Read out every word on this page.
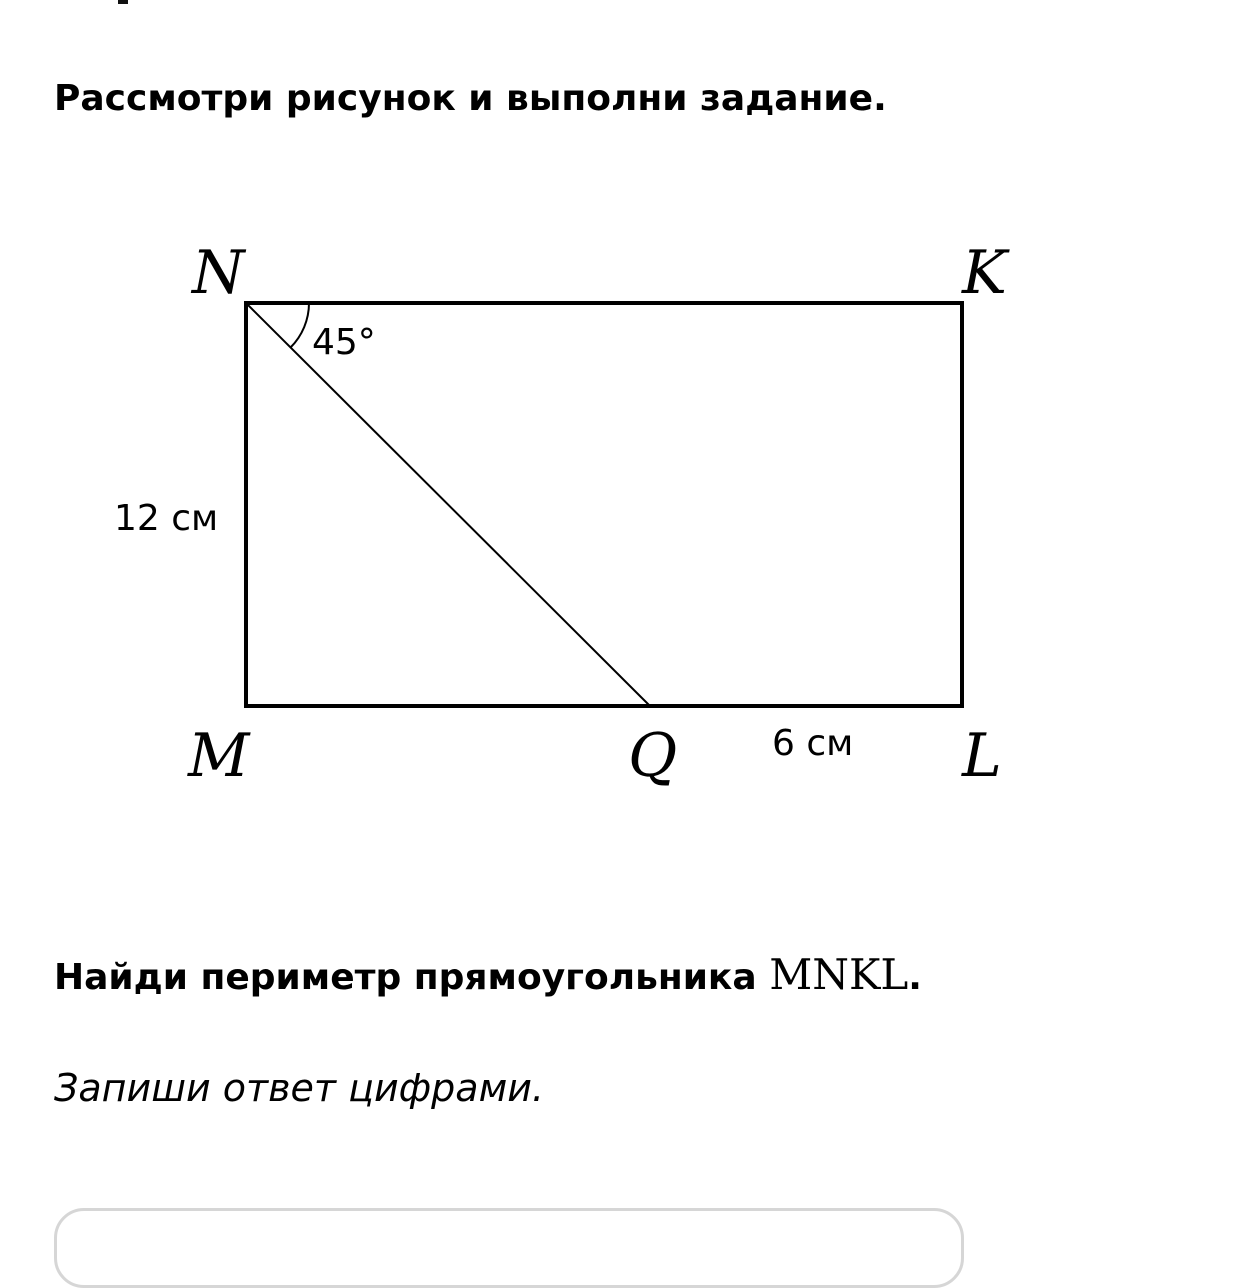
Рассмотри рисунок и выполни задание.
N	K
M	Q	L
45°
12 см
6 см
Найди периметр прямоугольника MNKL.
Запиши ответ цифрами.
